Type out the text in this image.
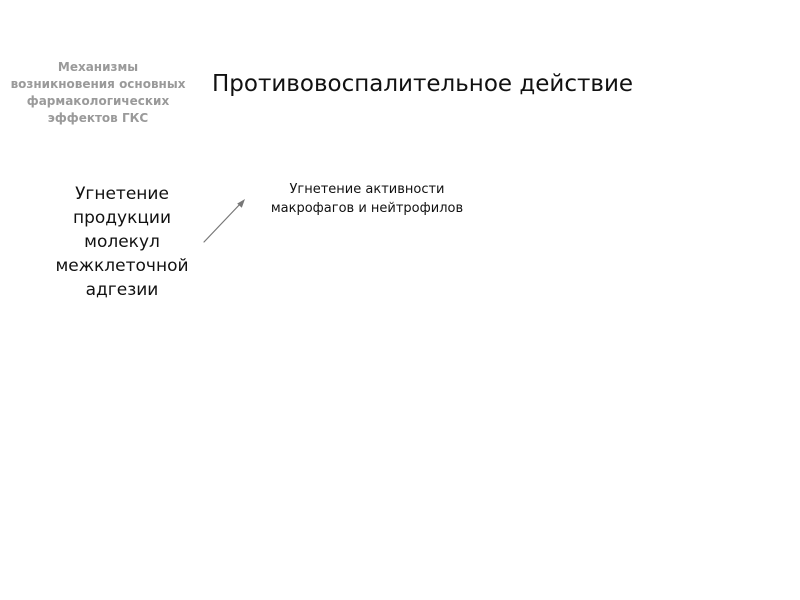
Механизмы возникновения основных фармакологических эффектов ГКС
Противовоспалительное действие
Угнетение продукции молекул межклеточной адгезии
Угнетение активности макрофагов и нейтрофилов
